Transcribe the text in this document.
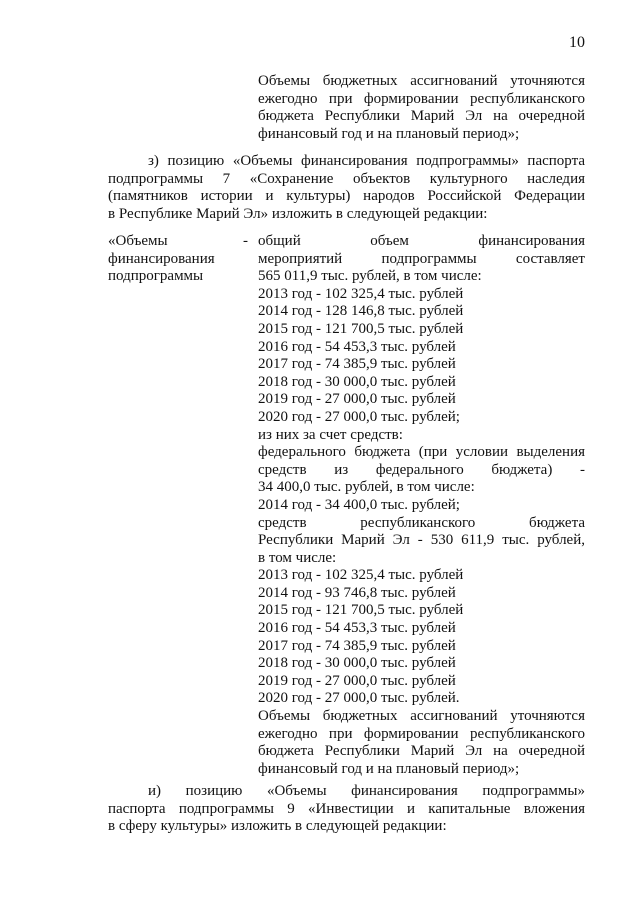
10
Объемы бюджетных ассигнований уточняются
ежегодно при формировании республиканского
бюджета Республики Марий Эл на очередной
финансовый год и на плановый период»;
з) позицию «Объемы финансирования подпрограммы» паспорта
подпрограммы 7 «Сохранение объектов культурного наследия
(памятников истории и культуры) народов Российской Федерации
в Республике Марий Эл» изложить в следующей редакции:
«Объемы
финансирования
подпрограммы
- общий объем финансирования
мероприятий подпрограммы составляет
565 011,9 тыс. рублей, в том числе:
2013 год - 102 325,4 тыс. рублей
2014 год - 128 146,8 тыс. рублей
2015 год - 121 700,5 тыс. рублей
2016 год - 54 453,3 тыс. рублей
2017 год - 74 385,9 тыс. рублей
2018 год - 30 000,0 тыс. рублей
2019 год - 27 000,0 тыс. рублей
2020 год - 27 000,0 тыс. рублей;
из них за счет средств:
федерального бюджета (при условии выделения
средств из федерального бюджета) -
34 400,0 тыс. рублей, в том числе:
2014 год - 34 400,0 тыс. рублей;
средств республиканского бюджета
Республики Марий Эл - 530 611,9 тыс. рублей,
в том числе:
2013 год - 102 325,4 тыс. рублей
2014 год - 93 746,8 тыс. рублей
2015 год - 121 700,5 тыс. рублей
2016 год - 54 453,3 тыс. рублей
2017 год - 74 385,9 тыс. рублей
2018 год - 30 000,0 тыс. рублей
2019 год - 27 000,0 тыс. рублей
2020 год - 27 000,0 тыс. рублей.
Объемы бюджетных ассигнований уточняются
ежегодно при формировании республиканского
бюджета Республики Марий Эл на очередной
финансовый год и на плановый период»;
и) позицию «Объемы финансирования подпрограммы»
паспорта подпрограммы 9 «Инвестиции и капитальные вложения
в сферу культуры» изложить в следующей редакции:
